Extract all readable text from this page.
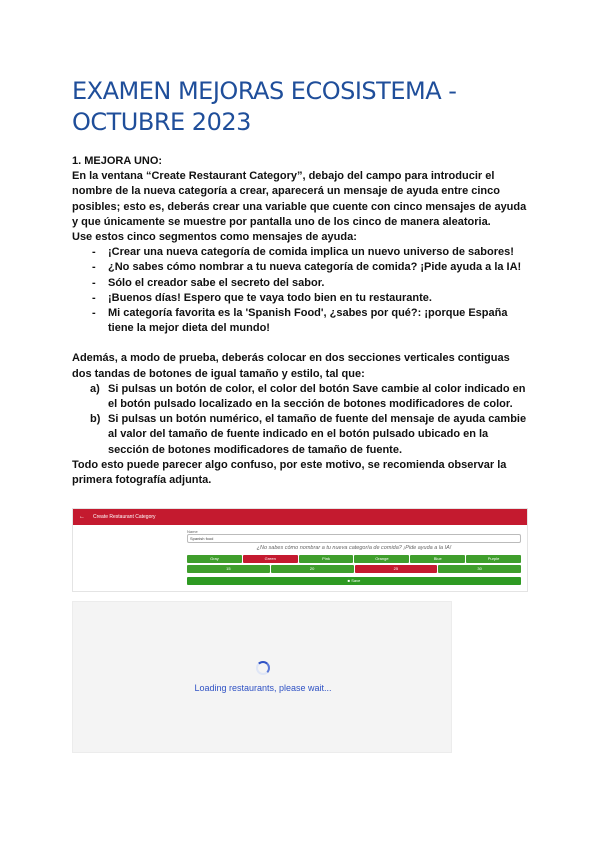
EXAMEN MEJORAS ECOSISTEMA - OCTUBRE 2023

1. MEJORA UNO:

En la ventana “Create Restaurant Category”, debajo del campo para introducir el nombre de la nueva categoría a crear, aparecerá un mensaje de ayuda entre cinco posibles; esto es, deberás crear una variable que cuente con cinco mensajes de ayuda y que únicamente se muestre por pantalla uno de los cinco de manera aleatoria.

Use estos cinco segmentos como mensajes de ayuda:

- ¡Crear una nueva categoría de comida implica un nuevo universo de sabores!
- ¿No sabes cómo nombrar a tu nueva categoría de comida? ¡Pide ayuda a la IA!
- Sólo el creador sabe el secreto del sabor.
- ¡Buenos días! Espero que te vaya todo bien en tu restaurante.
- Mi categoría favorita es la 'Spanish Food', ¿sabes por qué?: ¡porque España tiene la mejor dieta del mundo!

Además, a modo de prueba, deberás colocar en dos secciones verticales contiguas dos tandas de botones de igual tamaño y estilo, tal que:

a) Si pulsas un botón de color, el color del botón Save cambie al color indicado en el botón pulsado localizado en la sección de botones modificadores de color.
b) Si pulsas un botón numérico, el tamaño de fuente del mensaje de ayuda cambie al valor del tamaño de fuente indicado en el botón pulsado ubicado en la sección de botones modificadores de tamaño de fuente.

Todo esto puede parecer algo confuso, por este motivo, se recomienda observar la primera fotografía adjunta.

← Create Restaurant Category
Name
Spanish food
¿No sabes cómo nombrar a tu nueva categoría de comida? ¡Pide ayuda a la IA!
Gray	Green	Pink	Orange	Blue	Purple
15	20	25	30
■ Save
Loading restaurants, please wait...
